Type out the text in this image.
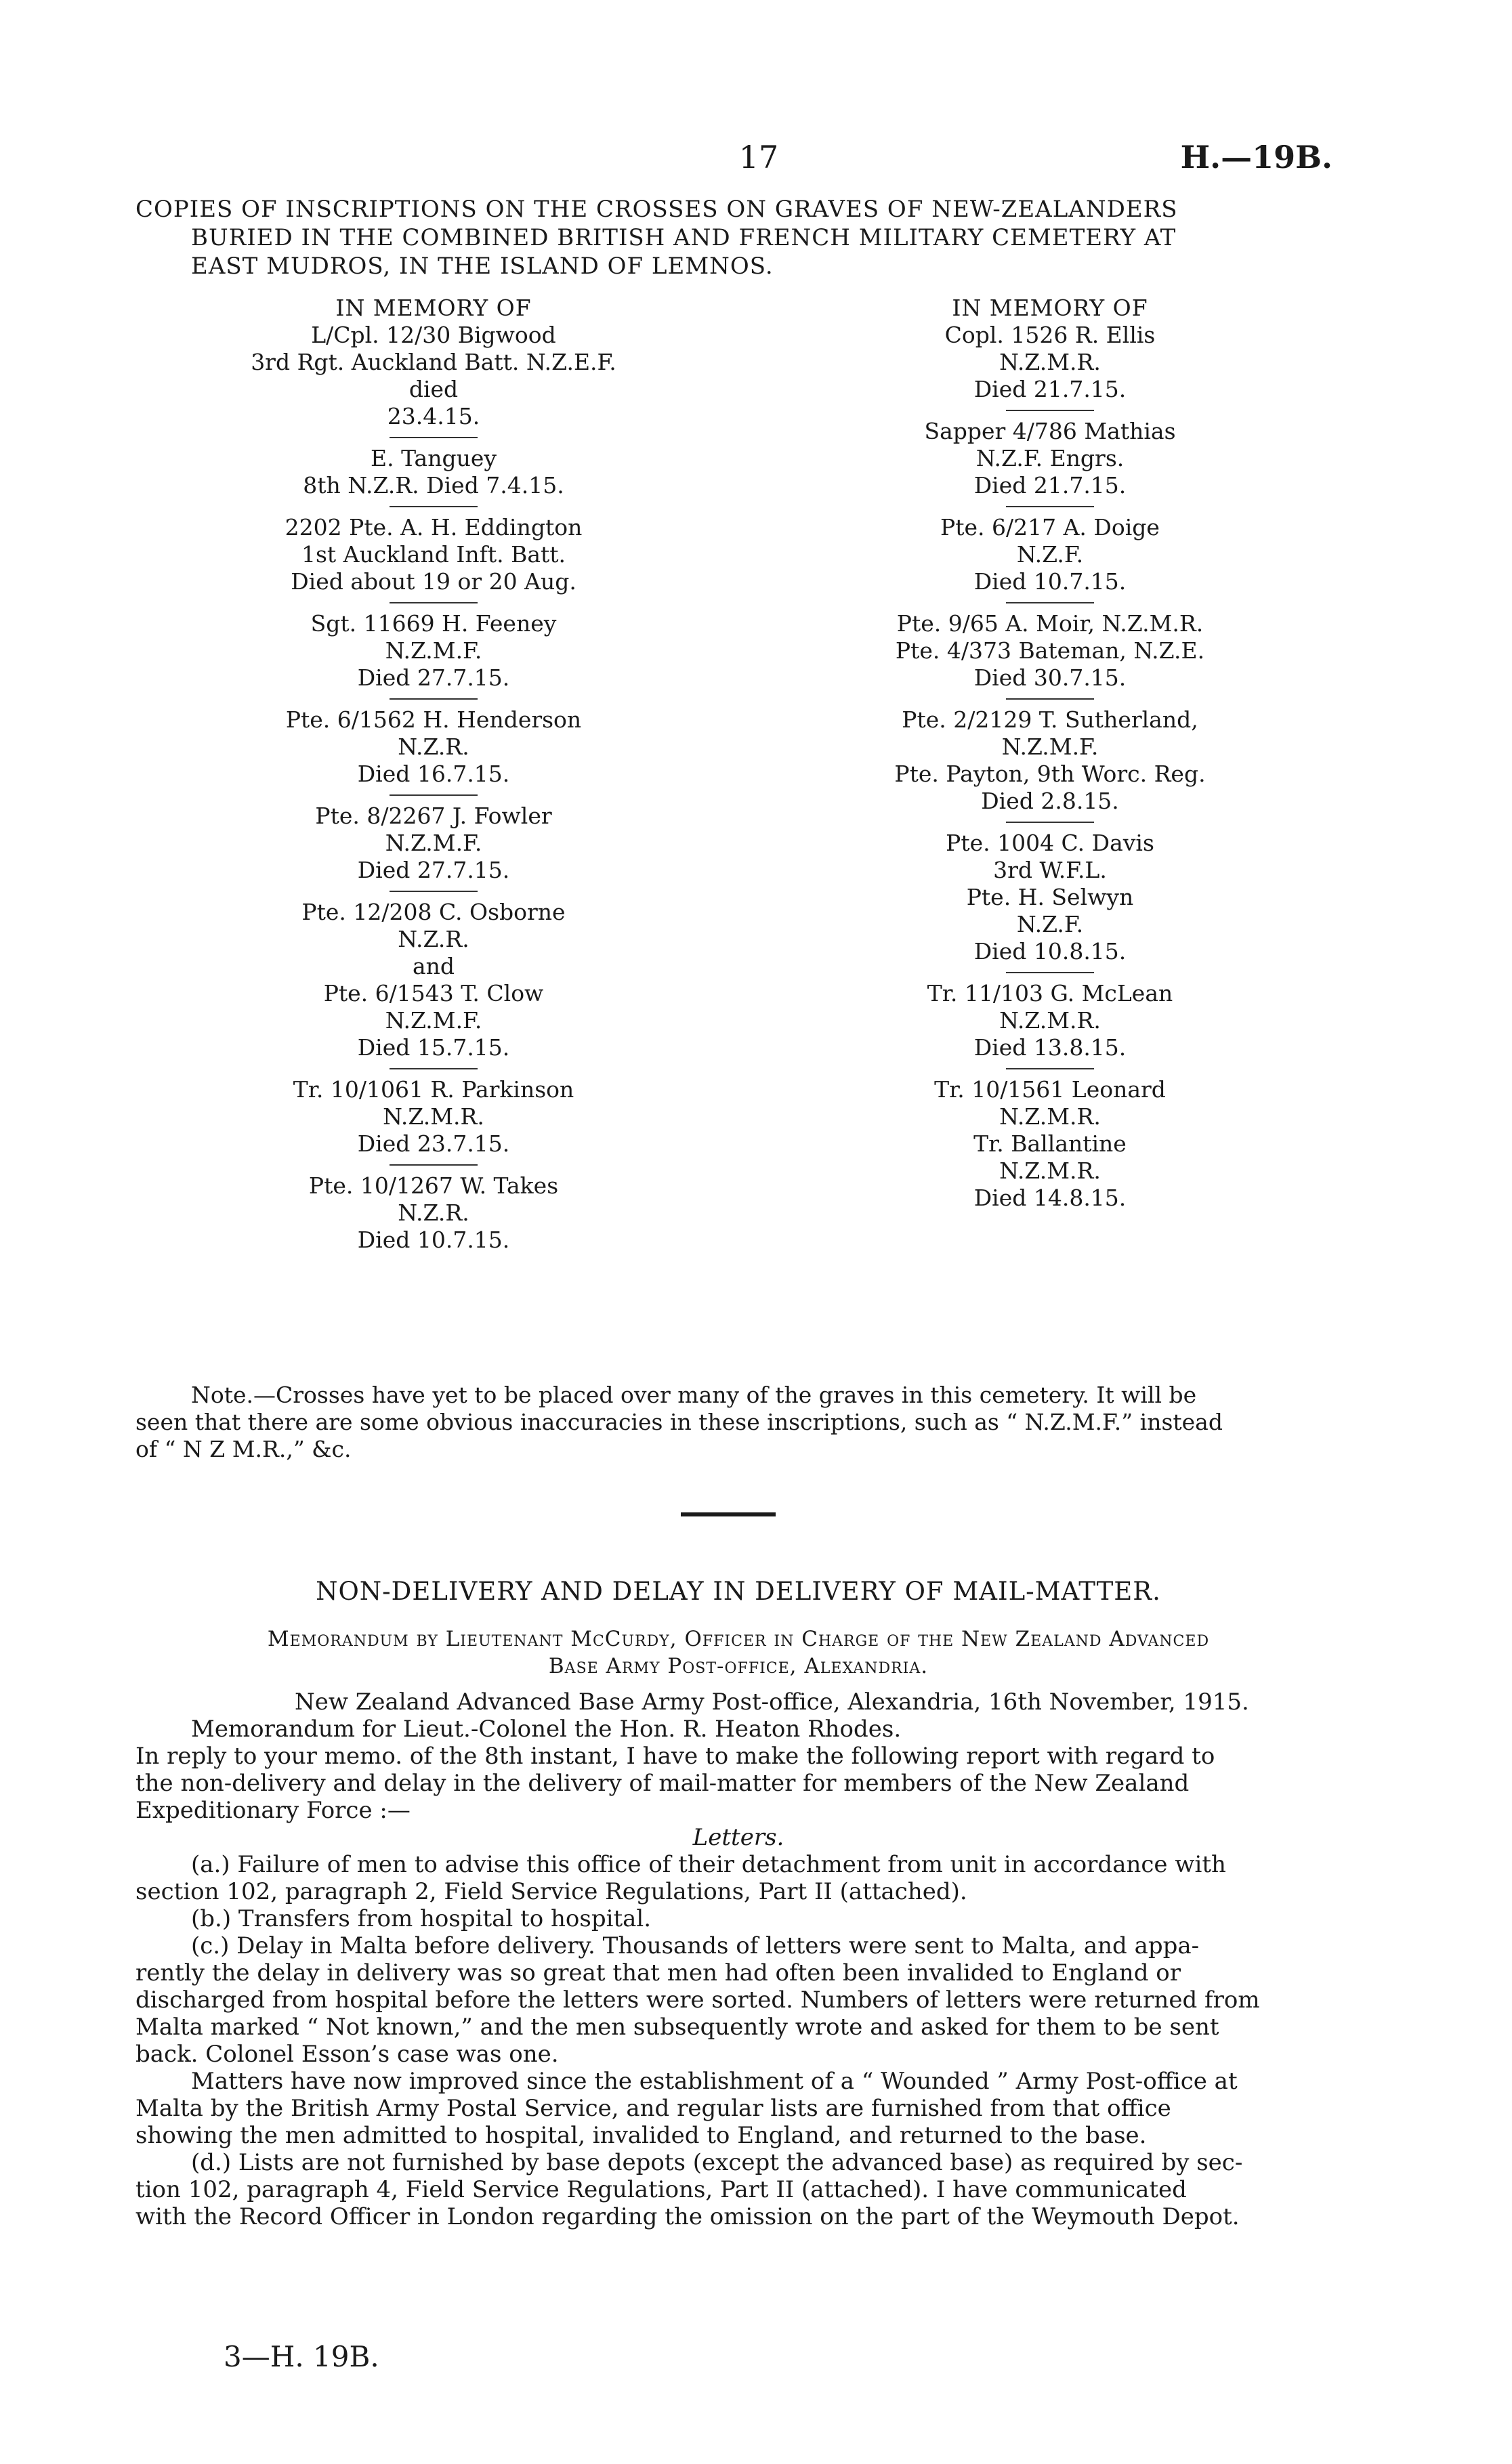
17	H.—19B.
COPIES OF INSCRIPTIONS ON THE CROSSES ON GRAVES OF NEW-ZEALANDERS
BURIED IN THE COMBINED BRITISH AND FRENCH MILITARY CEMETERY AT
EAST MUDROS, IN THE ISLAND OF LEMNOS.
IN MEMORY OF
L/Cpl. 12/30 Bigwood
3rd Rgt. Auckland Batt. N.Z.E.F.
died
23.4.15.
E. Tanguey
8th N.Z.R. Died 7.4.15.
2202 Pte. A. H. Eddington
1st Auckland Inft. Batt.
Died about 19 or 20 Aug.
Sgt. 11669 H. Feeney
N.Z.M.F.
Died 27.7.15.
Pte. 6/1562 H. Henderson
N.Z.R.
Died 16.7.15.
Pte. 8/2267 J. Fowler
N.Z.M.F.
Died 27.7.15.
Pte. 12/208 C. Osborne
N.Z.R.
and
Pte. 6/1543 T. Clow
N.Z.M.F.
Died 15.7.15.
Tr. 10/1061 R. Parkinson
N.Z.M.R.
Died 23.7.15.
Pte. 10/1267 W. Takes
N.Z.R.
Died 10.7.15.
IN MEMORY OF
Copl. 1526 R. Ellis
N.Z.M.R.
Died 21.7.15.
Sapper 4/786 Mathias
N.Z.F. Engrs.
Died 21.7.15.
Pte. 6/217 A. Doige
N.Z.F.
Died 10.7.15.
Pte. 9/65 A. Moir, N.Z.M.R.
Pte. 4/373 Bateman, N.Z.E.
Died 30.7.15.
Pte. 2/2129 T. Sutherland,
N.Z.M.F.
Pte. Payton, 9th Worc. Reg.
Died 2.8.15.
Pte. 1004 C. Davis
3rd W.F.L.
Pte. H. Selwyn
N.Z.F.
Died 10.8.15.
Tr. 11/103 G. McLean
N.Z.M.R.
Died 13.8.15.
Tr. 10/1561 Leonard
N.Z.M.R.
Tr. Ballantine
N.Z.M.R.
Died 14.8.15.
Note.—Crosses have yet to be placed over many of the graves in this cemetery. It will be
seen that there are some obvious inaccuracies in these inscriptions, such as “ N.Z.M.F.” instead
of “ N Z M.R.,” &c.
NON-DELIVERY AND DELAY IN DELIVERY OF MAIL-MATTER.
Memorandum by Lieutenant McCurdy, Officer in Charge of the New Zealand Advanced
Base Army Post-office, Alexandria.
New Zealand Advanced Base Army Post-office, Alexandria, 16th November, 1915.
Memorandum for Lieut.-Colonel the Hon. R. Heaton Rhodes.
In reply to your memo. of the 8th instant, I have to make the following report with regard to
the non-delivery and delay in the delivery of mail-matter for members of the New Zealand
Expeditionary Force :—
Letters.
(a.) Failure of men to advise this office of their detachment from unit in accordance with
section 102, paragraph 2, Field Service Regulations, Part II (attached).
(b.) Transfers from hospital to hospital.
(c.) Delay in Malta before delivery. Thousands of letters were sent to Malta, and appa-
rently the delay in delivery was so great that men had often been invalided to England or
discharged from hospital before the letters were sorted. Numbers of letters were returned from
Malta marked “ Not known,” and the men subsequently wrote and asked for them to be sent
back. Colonel Esson’s case was one.
Matters have now improved since the establishment of a “ Wounded ” Army Post-office at
Malta by the British Army Postal Service, and regular lists are furnished from that office
showing the men admitted to hospital, invalided to England, and returned to the base.
(d.) Lists are not furnished by base depots (except the advanced base) as required by sec-
tion 102, paragraph 4, Field Service Regulations, Part II (attached). I have communicated
with the Record Officer in London regarding the omission on the part of the Weymouth Depot.
3—H. 19B.
